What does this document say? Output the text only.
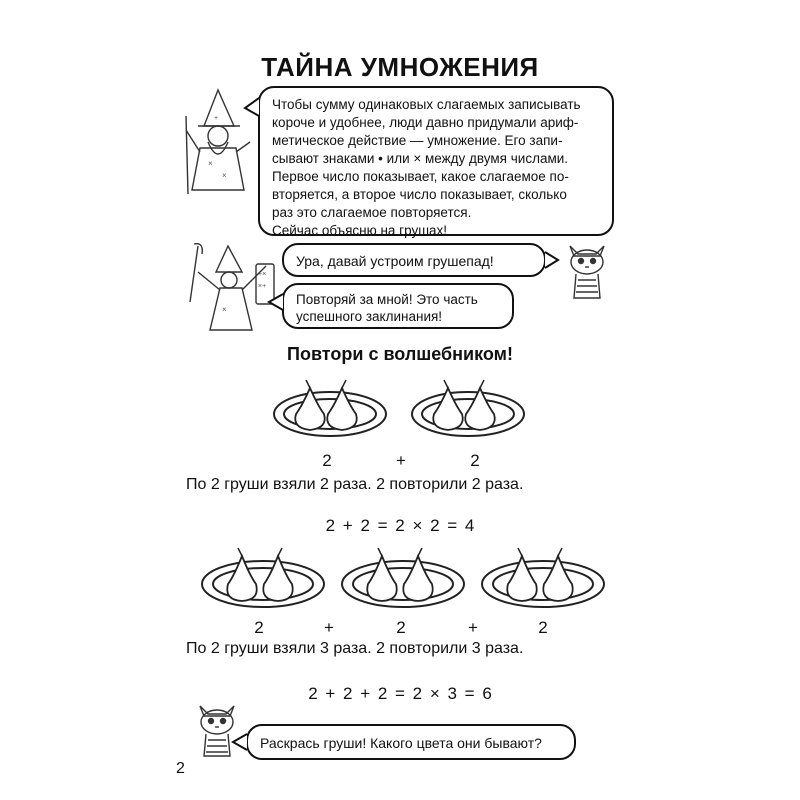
ТАЙНА УМНОЖЕНИЯ
×
×
+

Чтобы сумму одинаковых слагаемых записывать

короче и удобнее, люди давно придумали ариф-

метическое действие — умножение. Его запи-

сывают знаками • или × между двумя числами.

Первое число показывает, какое слагаемое по-

вторяется, а второе число показывает, сколько

раз это слагаемое повторяется.

Сейчас объясню на грушах!

+×
×+
×
Ура, давай устроим грушепад!
Повторяй за мной! Это часть
успешного заклинания!
Повтори с волшебником!
2	+	2
По 2 груши взяли 2 раза. 2 повторили 2 раза.
2 + 2 = 2 × 2 = 4
2	+	2	+	2
По 2 груши взяли 3 раза. 2 повторили 3 раза.
2 + 2 + 2 = 2 × 3 = 6
Раскрась груши! Какого цвета они бывают?
2
